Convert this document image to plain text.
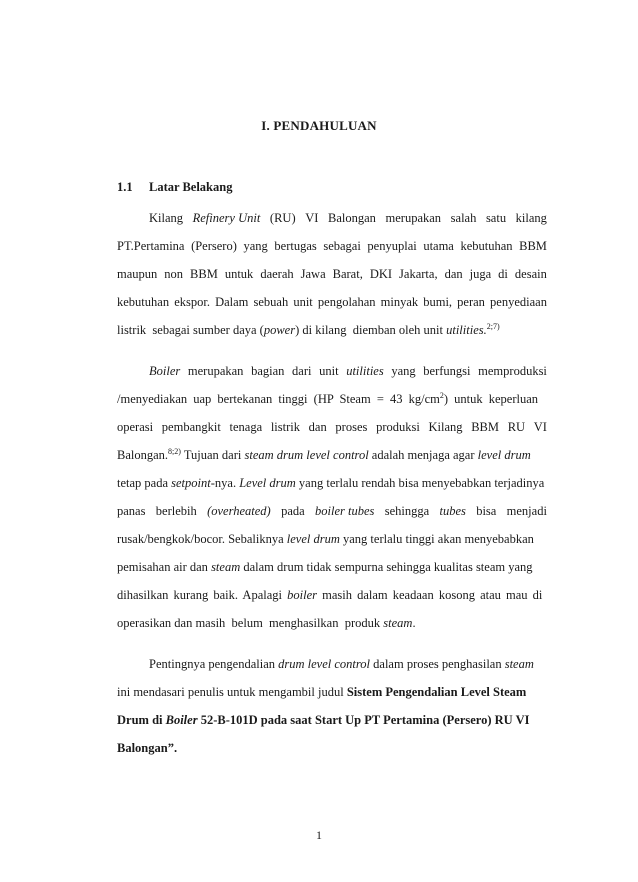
I. PENDAHULUAN
1.1 Latar Belakang
Kilang Refinery Unit (RU) VI Balongan merupakan salah satu kilang
PT.Pertamina (Persero) yang bertugas sebagai penyuplai utama kebutuhan BBM
maupun non BBM untuk daerah Jawa Barat, DKI Jakarta, dan juga di desain
kebutuhan ekspor. Dalam sebuah unit pengolahan minyak bumi, peran penyediaan
listrik  sebagai sumber daya (power) di kilang  diemban oleh unit utilities.$^{2;7)}$
Boiler merupakan bagian dari unit utilities yang berfungsi memproduksi
/menyediakan uap bertekanan tinggi (HP Steam = 43 $kg/cm^2$) untuk keperluan
operasi pembangkit tenaga listrik dan proses produksi Kilang BBM RU VI
Balongan.$^{8;2)}$ Tujuan dari steam drum level control adalah menjaga agar level drum
tetap pada setpoint-nya. Level drum yang terlalu rendah bisa menyebabkan terjadinya
panas berlebih (overheated) pada boiler tubes sehingga tubes bisa menjadi
rusak/bengkok/bocor. Sebaliknya level drum yang terlalu tinggi akan menyebabkan
pemisahan air dan steam dalam drum tidak sempurna sehingga kualitas steam yang
dihasilkan kurang baik. Apalagi boiler masih dalam keadaan kosong atau mau di
operasikan dan masih  belum  menghasilkan  produk steam.
Pentingnya pengendalian drum level control dalam proses penghasilan steam
ini mendasari penulis untuk mengambil judul Sistem Pengendalian Level Steam
Drum di Boiler 52-B-101D pada saat Start Up PT Pertamina (Persero) RU VI
Balongan”.
1
